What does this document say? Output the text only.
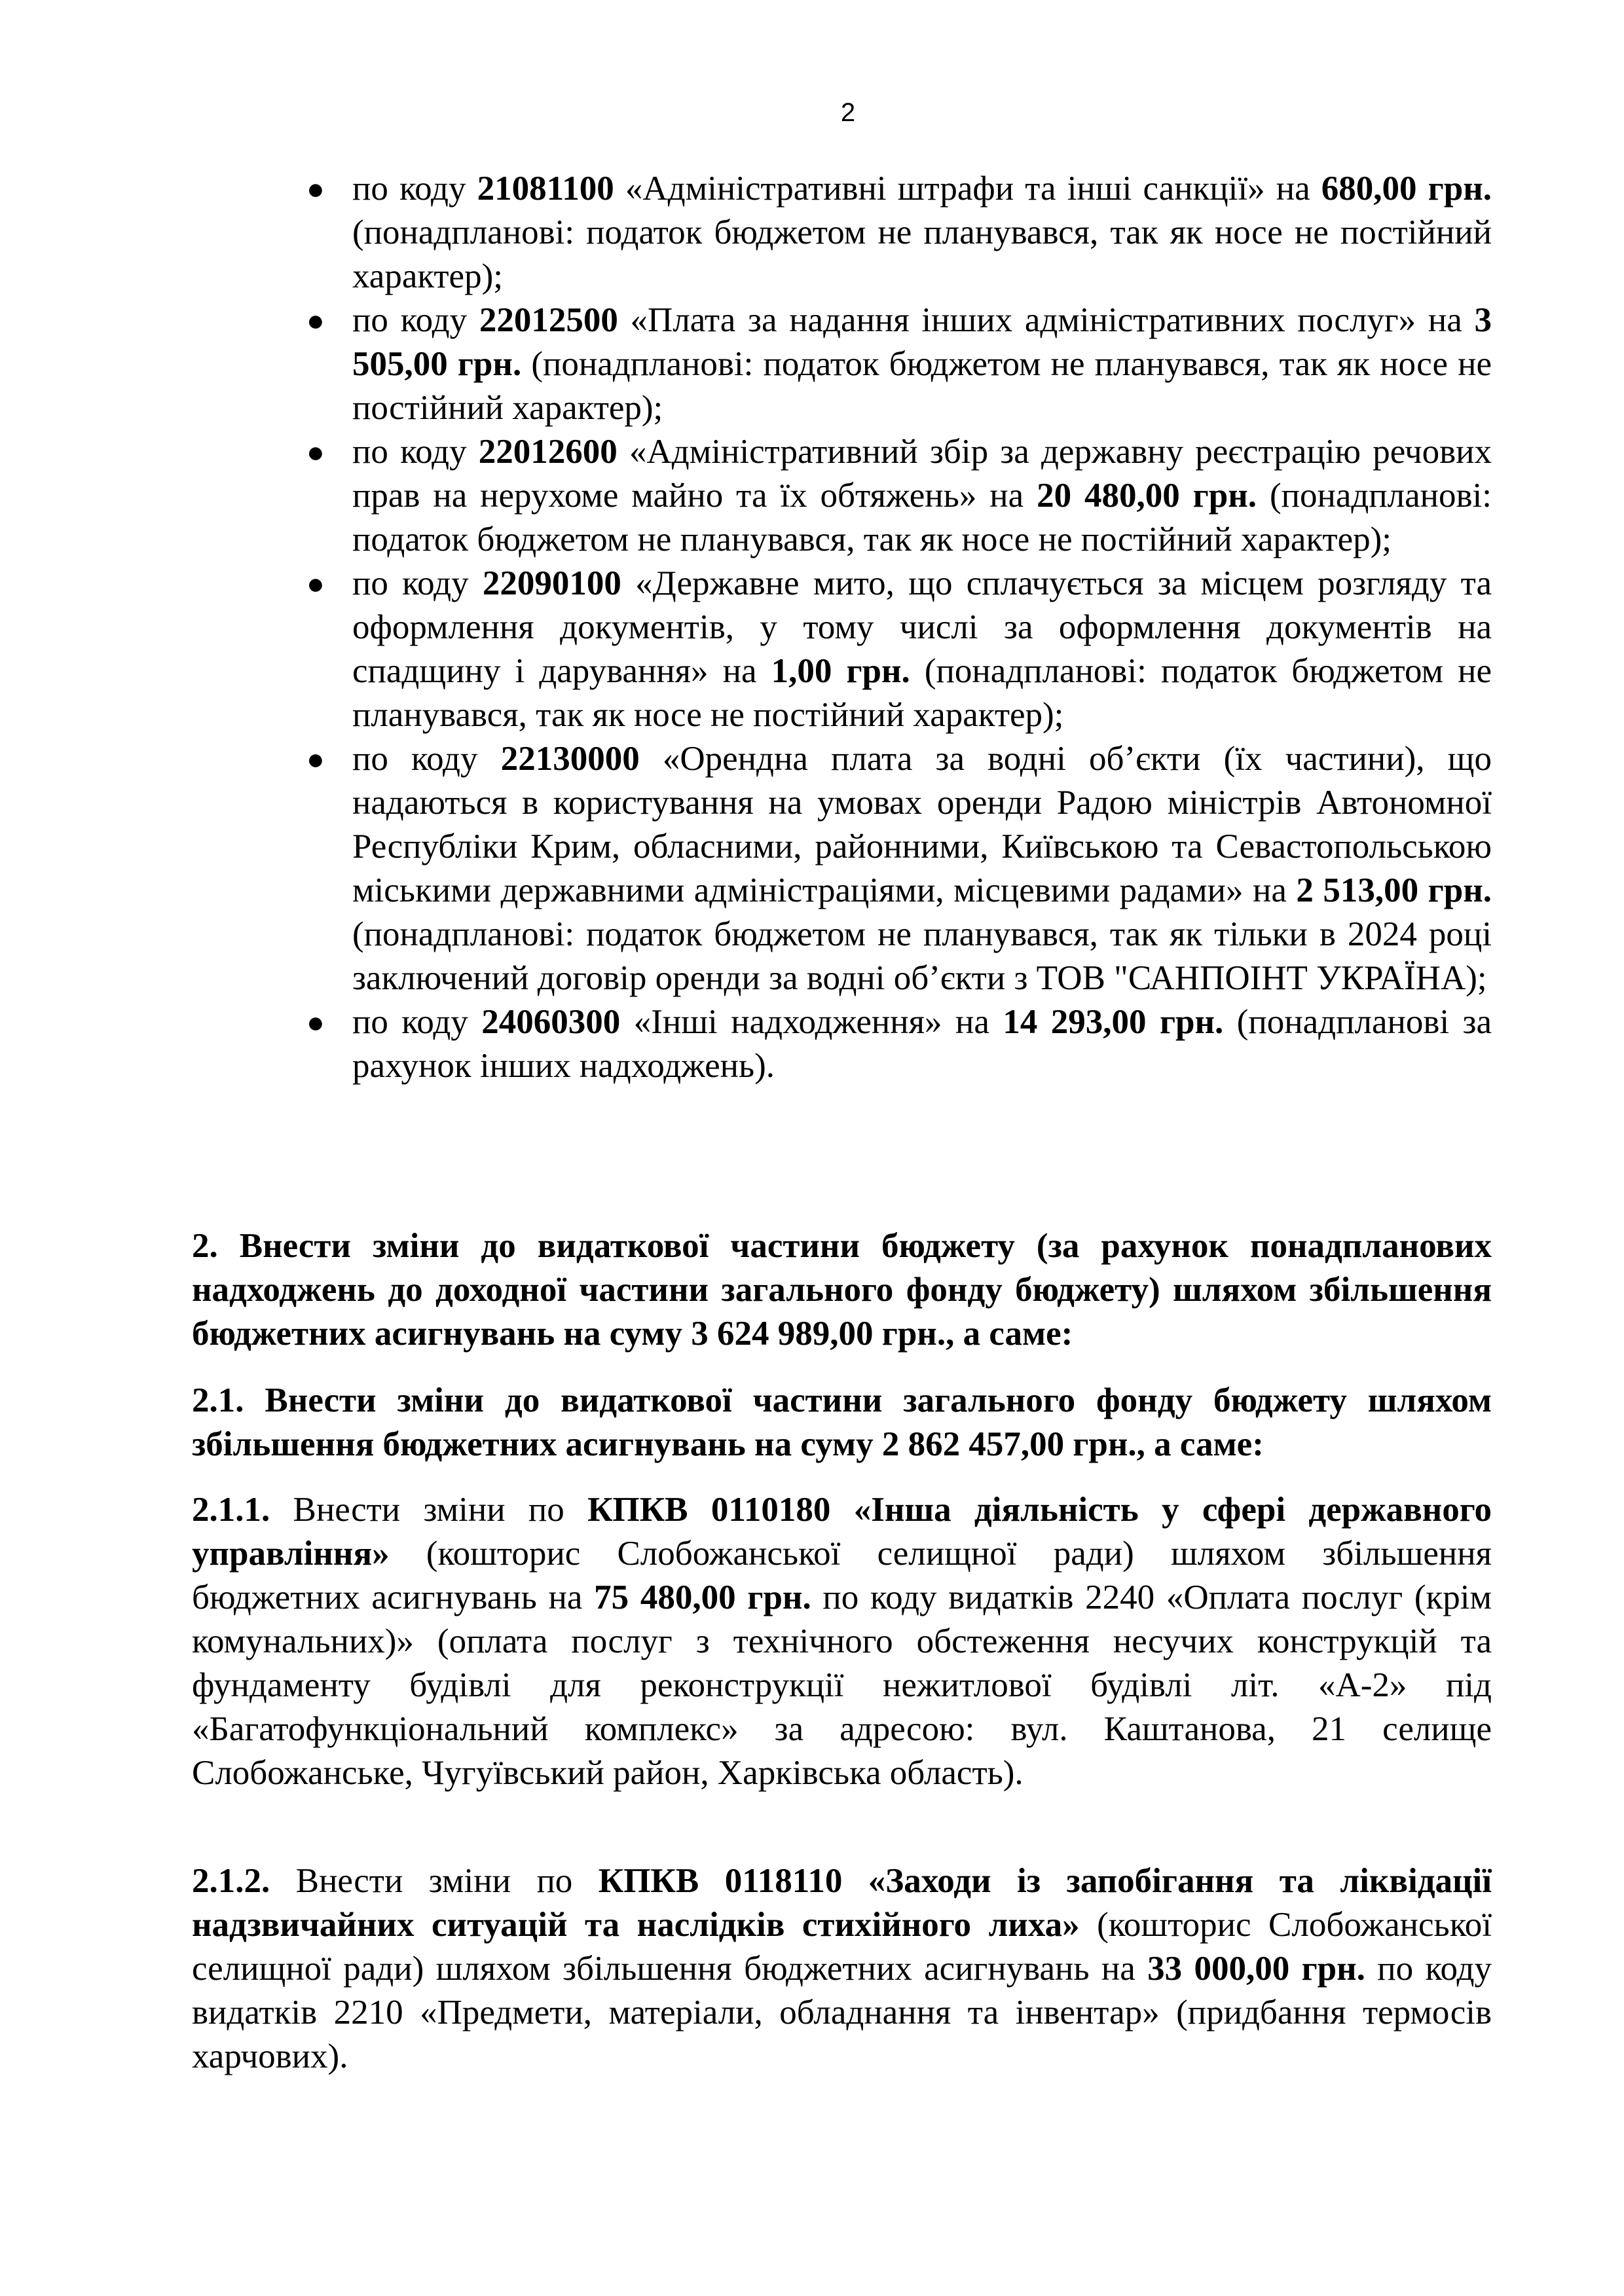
2
● по коду 21081100 «Адміністративні штрафи та інші санкції» на 680,00 грн. (понадпланові: податок бюджетом не планувався, так як носе не постійний характер);
● по коду 22012500 «Плата за надання інших адміністративних послуг» на 3 505,00 грн. (понадпланові: податок бюджетом не планувався, так як носе не постійний характер);
● по коду 22012600 «Адміністративний збір за державну реєстрацію речових прав на нерухоме майно та їх обтяжень» на 20 480,00 грн. (понадпланові: податок бюджетом не планувався, так як носе не постійний характер);
● по коду 22090100 «Державне мито, що сплачується за місцем розгляду та оформлення документів, у тому числі за оформлення документів на спадщину і дарування» на 1,00 грн. (понадпланові: податок бюджетом не планувався, так як носе не постійний характер);
● по коду 22130000 «Орендна плата за водні об’єкти (їх частини), що надаються в користування на умовах оренди Радою міністрів Автономної Республіки Крим, обласними, районними, Київською та Севастопольською міськими державними адміністраціями, місцевими радами» на 2 513,00 грн. (понадпланові: податок бюджетом не планувався, так як тільки в 2024 році заключений договір оренди за водні об’єкти з ТОВ "САНПОІНТ УКРАЇНА);
● по коду 24060300 «Інші надходження» на 14 293,00 грн. (понадпланові за рахунок інших надходжень).

2. Внести зміни до видаткової частини бюджету (за рахунок понадпланових надходжень до доходної частини загального фонду бюджету) шляхом збільшення бюджетних асигнувань на суму 3 624 989,00 грн., а саме:

2.1. Внести зміни до видаткової частини загального фонду бюджету шляхом збільшення бюджетних асигнувань на суму 2 862 457,00 грн., а саме:

2.1.1. Внести зміни по КПКВ 0110180 «Інша діяльність у сфері державного управління» (кошторис Слобожанської селищної ради) шляхом збільшення бюджетних асигнувань на 75 480,00 грн. по коду видатків 2240 «Оплата послуг (крім комунальних)» (оплата послуг з технічного обстеження несучих конструкцій та фундаменту будівлі для реконструкції нежитлової будівлі літ. «А-2» під «Багатофункціональний комплекс» за адресою: вул. Каштанова, 21 селище Слобожанське, Чугуївський район, Харківська область).

2.1.2. Внести зміни по КПКВ 0118110 «Заходи із запобігання та ліквідації надзвичайних ситуацій та наслідків стихійного лиха» (кошторис Слобожанської селищної ради) шляхом збільшення бюджетних асигнувань на 33 000,00 грн. по коду видатків 2210 «Предмети, матеріали, обладнання та інвентар» (придбання термосів харчових).
